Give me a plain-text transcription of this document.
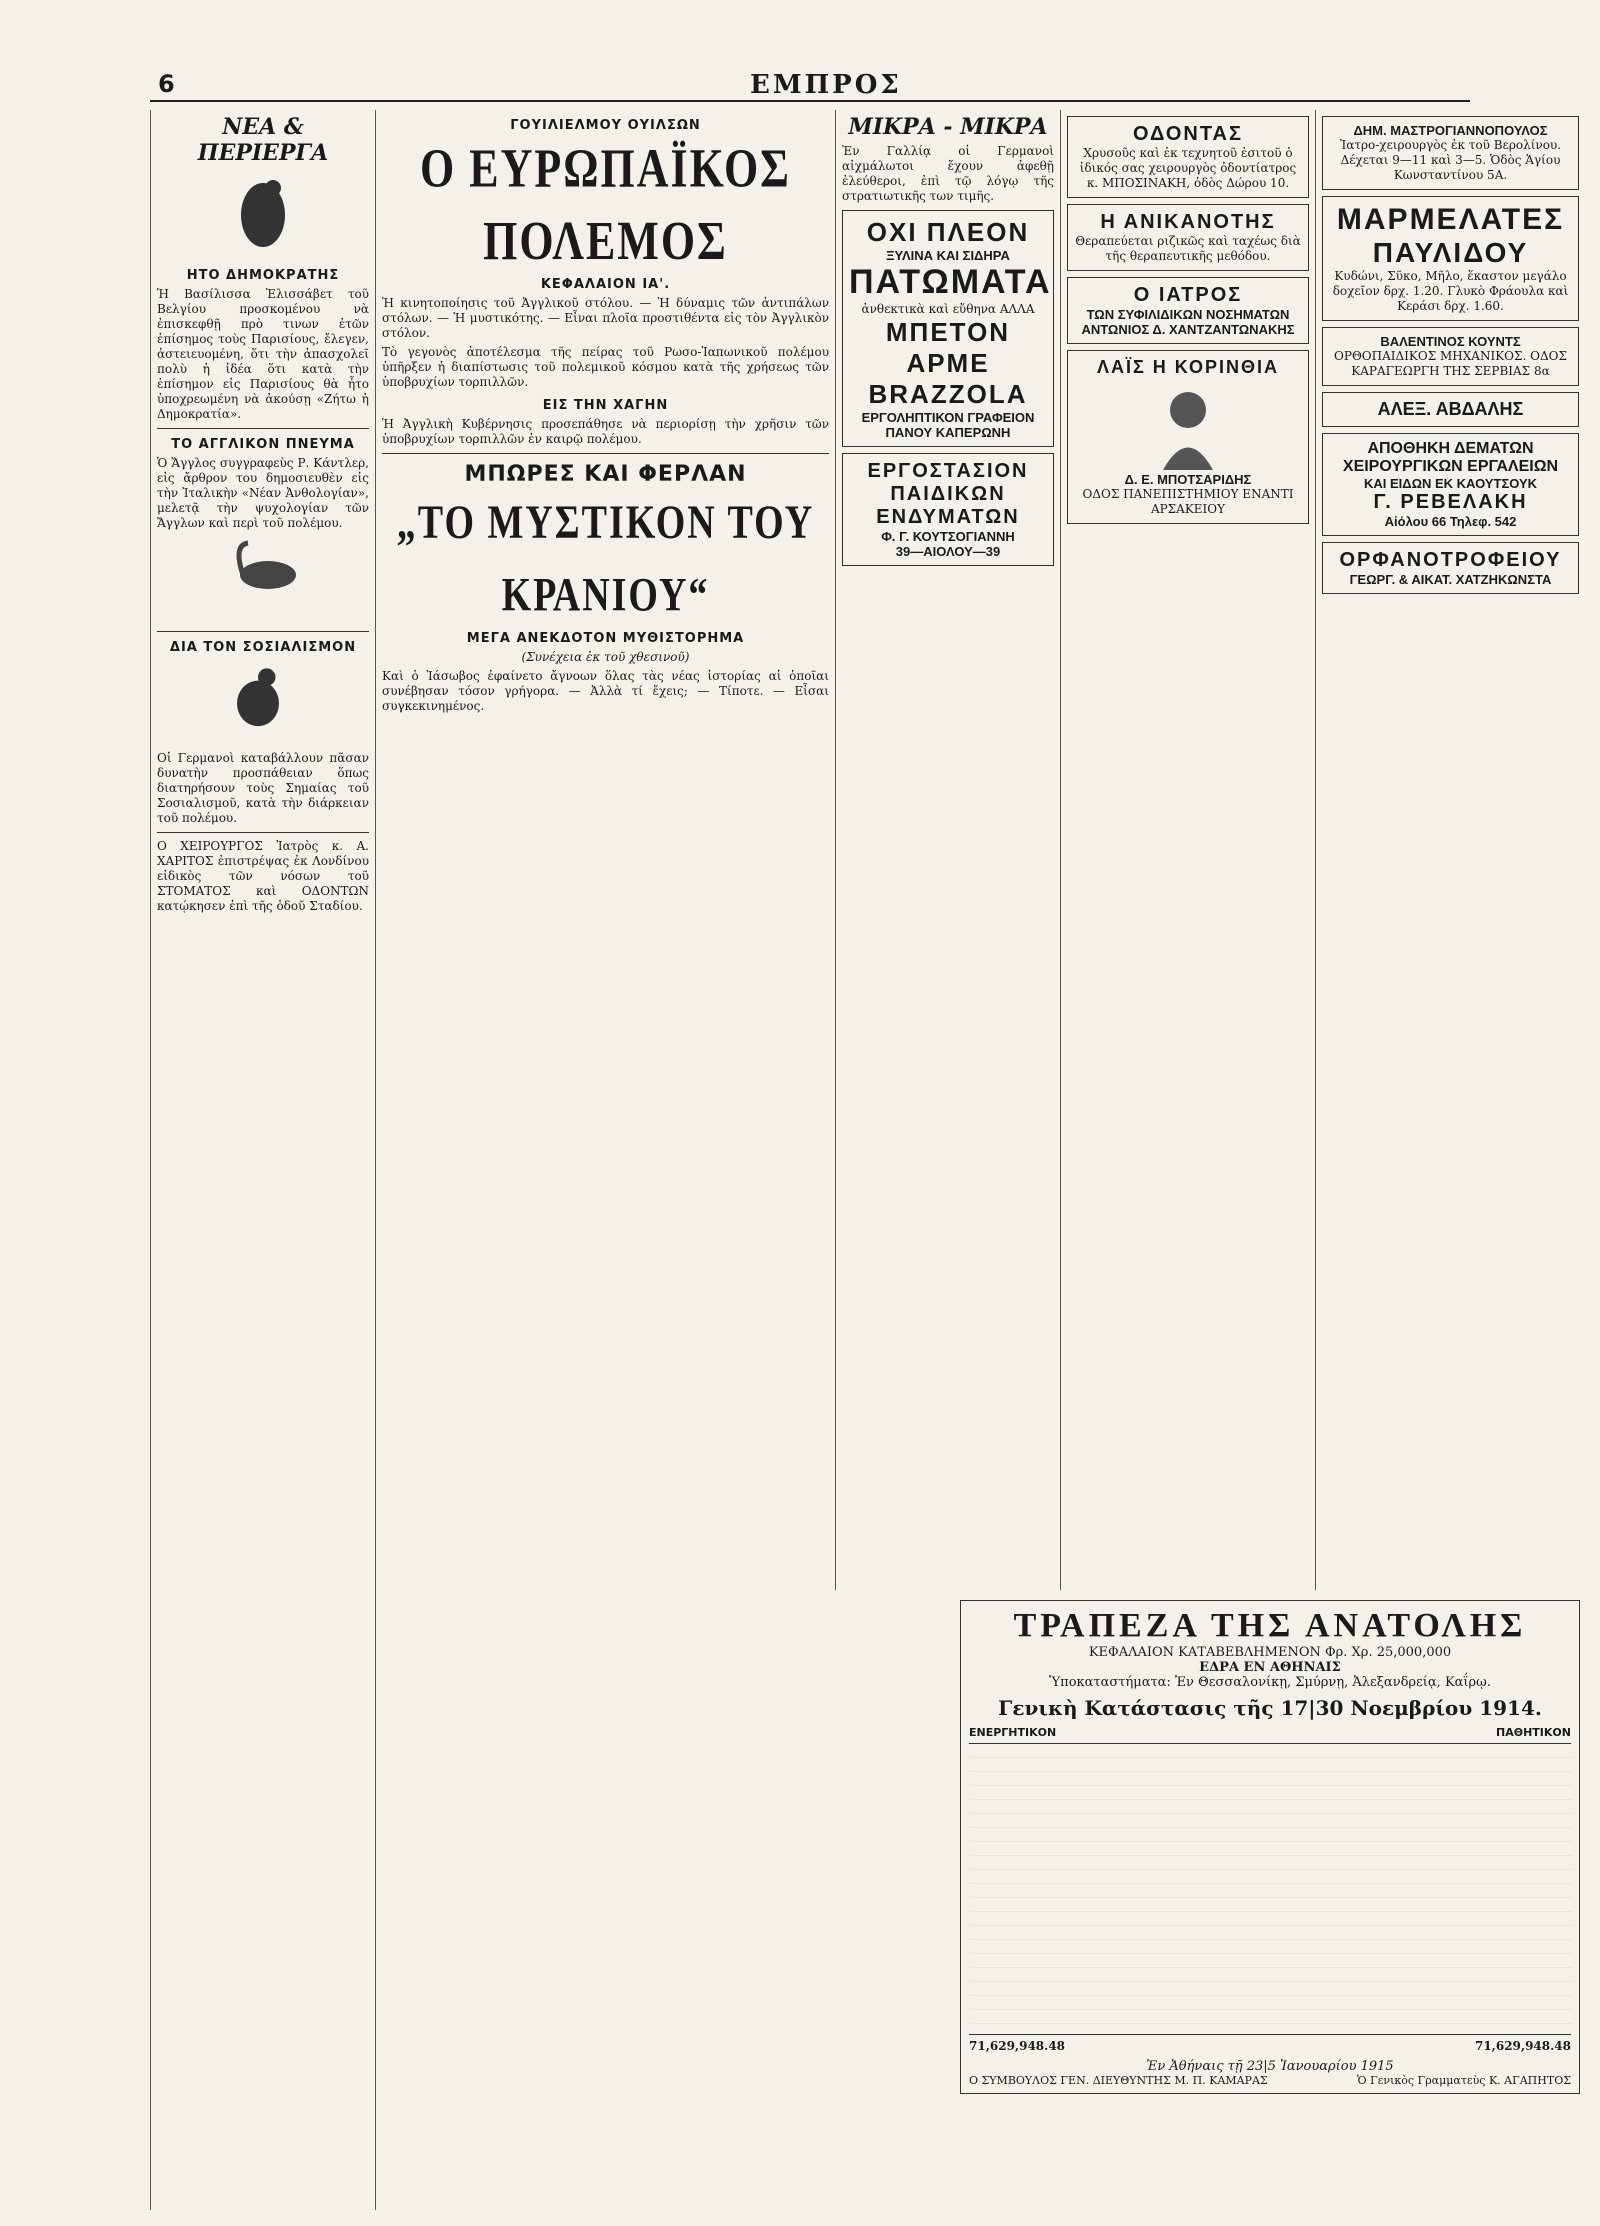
6	ΕΜΠΡΟΣ
ΝΕΑ & ΠΕΡΙΕΡΓΑ
ΗΤΟ ΔΗΜΟΚΡΑΤΗΣ

Ἡ Βασίλισσα Ἐλισσάβετ τοῦ Βελγίου προσκομένου νὰ ἐπισκεφθῇ πρὸ τινων ἐτῶν ἐπίσημος τοὺς Παρισίους, ἔλεγεν, ἀστειευομένη, ὅτι τὴν ἀπασχολεῖ πολὺ ἡ ἰδέα ὅτι κατὰ τὴν ἐπίσημον εἰς Παρισίους θὰ ἦτο ὑποχρεωμένη νὰ ἀκούσῃ «Ζήτω ἡ Δημοκρατία».

ΤΟ ΑΓΓΛΙΚΟΝ ΠΝΕΥΜΑ

Ὁ Ἄγγλος συγγραφεὺς Ρ. Κάντλερ, εἰς ἄρθρον του δημοσιευθὲν εἰς τὴν Ἰταλικὴν «Νέαν Ἀνθολογίαν», μελετᾷ τὴν ψυχολογίαν τῶν Ἄγγλων καὶ περὶ τοῦ πολέμου.

ΔΙΑ ΤΟΝ ΣΟΣΙΑΛΙΣΜΟΝ

Οἱ Γερμανοὶ καταβάλλουν πᾶσαν δυνατὴν προσπάθειαν ὅπως διατηρήσουν τοὺς Σημαίας τοῦ Σοσιαλισμοῦ, κατὰ τὴν διάρκειαν τοῦ πολέμου.

Ο ΧΕΙΡΟΥΡΓΟΣ Ἰατρὸς κ. Α. ΧΑΡΙΤΟΣ ἐπιστρέψας ἐκ Λονδίνου εἰδικὸς τῶν νόσων τοῦ ΣΤΟΜΑΤΟΣ καὶ ΟΔΟΝΤΩΝ κατῴκησεν ἐπὶ τῆς ὁδοῦ Σταδίου.

ΓΟΥΙΛΙΕΛΜΟΥ ΟΥΙΛΣΩΝ
Ο ΕΥΡΩΠΑΪΚΟΣ ΠΟΛΕΜΟΣ
ΚΕΦΑΛΑΙΟΝ ΙΑ'.

Ἡ κινητοποίησις τοῦ Ἀγγλικοῦ στόλου. — Ἡ δύναμις τῶν ἀντιπάλων στόλων. — Ἡ μυστικότης. — Εἶναι πλοῖα προστιθέντα εἰς τὸν Ἀγγλικὸν στόλον.

Τὸ γεγονὸς ἀποτέλεσμα τῆς πείρας τοῦ Ρωσο-Ἰαπωνικοῦ πολέμου ὑπῆρξεν ἡ διαπίστωσις τοῦ πολεμικοῦ κόσμου κατὰ τῆς χρήσεως τῶν ὑποβρυχίων τορπιλλῶν.

ΕΙΣ ΤΗΝ ΧΑΓΗΝ

Ἡ Ἀγγλικὴ Κυβέρνησις προσεπάθησε νὰ περιορίσῃ τὴν χρῆσιν τῶν ὑποβρυχίων τορπιλλῶν ἐν καιρῷ πολέμου.

ΜΠΩΡΕΣ ΚΑΙ ΦΕΡΛΑΝ
„ΤΟ ΜΥΣΤΙΚΟΝ ΤΟΥ ΚΡΑΝΙΟΥ“
ΜΕΓΑ ΑΝΕΚΔΟΤΟΝ ΜΥΘΙΣΤΟΡΗΜΑ

(Συνέχεια ἐκ τοῦ χθεσινοῦ)

Καὶ ὁ Ἰάσωβος ἐφαίνετο ἄγνοων ὅλας τὰς νέας ἱστορίας αἱ ὁποῖαι συνέβησαν τόσον γρήγορα. — Ἀλλὰ τί ἔχεις; — Τίποτε. — Εἶσαι συγκεκινημένος.

ΜΙΚΡΑ - ΜΙΚΡΑ

Ἐν Γαλλίᾳ οἱ Γερμανοὶ αἰχμάλωτοι ἔχουν ἀφεθῇ ἐλεύθεροι, ἐπὶ τῷ λόγῳ τῆς στρατιωτικῆς των τιμῆς.

ΟΧΙ ΠΛΕΟΝ
ΞΥΛΙΝΑ ΚΑΙ ΣΙΔΗΡΑ
ΠΑΤΩΜΑΤΑ
ἀνθεκτικὰ καὶ εὔθηνα ΑΛΛΑ
ΜΠΕΤΟΝ ΑΡΜΕ
BRAZZOLA
ΕΡΓΟΛΗΠΤΙΚΟΝ ΓΡΑΦΕΙΟΝ ΠΑΝΟΥ ΚΑΠΕΡΩΝΗ
ΕΡΓΟΣΤΑΣΙΟΝ ΠΑΙΔΙΚΩΝ ΕΝΔΥΜΑΤΩΝ
Φ. Γ. ΚΟΥΤΣΟΓΙΑΝΝΗ
39—ΑΙΟΛΟΥ—39
ΟΔΟΝΤΑΣ
Χρυσοῦς καὶ ἐκ τεχνητοῦ ἐσιτοῦ ὁ ἰδικός σας χειρουργὸς ὀδοντίατρος κ. ΜΠΟΣΙΝΑΚΗ, ὁδὸς Δώρου 10.
Η ΑΝΙΚΑΝΟΤΗΣ
Θεραπεύεται ριζικῶς καὶ ταχέως διὰ τῆς θεραπευτικῆς μεθόδου.
Ο ΙΑΤΡΟΣ
ΤΩΝ ΣΥΦΙΛΙΔΙΚΩΝ ΝΟΣΗΜΑΤΩΝ
ΑΝΤΩΝΙΟΣ Δ. ΧΑΝΤΖΑΝΤΩΝΑΚΗΣ
ΛΑΪΣ Η ΚΟΡΙΝΘΙΑ
Δ. Ε. ΜΠΟΤΣΑΡΙΔΗΣ
ΟΔΟΣ ΠΑΝΕΠΙΣΤΗΜΙΟΥ ΕΝΑΝΤΙ ΑΡΣΑΚΕΙΟΥ
ΔΗΜ. ΜΑΣΤΡΟΓΙΑΝΝΟΠΟΥΛΟΣ
Ἰατρο-χειρουργὸς ἐκ τοῦ Βερολίνου. Δέχεται 9—11 καὶ 3—5. Ὁδὸς Ἁγίου Κωνσταντίνου 5Α.
ΜΑΡΜΕΛΑΤΕΣ
ΠΑΥΛΙΔΟΥ
Κυδώνι, Σῦκο, Μῆλο, ἕκαστον μεγάλο δοχεῖον δρχ. 1.20. Γλυκὸ Φράουλα καὶ Κεράσι δρχ. 1.60.
ΒΑΛΕΝΤΙΝΟΣ ΚΟΥΝΤΣ
ΟΡΘΟΠΑΙΔΙΚΟΣ ΜΗΧΑΝΙΚΟΣ. ΟΔΟΣ ΚΑΡΑΓΕΩΡΓΗ ΤΗΣ ΣΕΡΒΙΑΣ 8α
ΑΛΕΞ. ΑΒΔΑΛΗΣ
ΑΠΟΘΗΚΗ ΔΕΜΑΤΩΝ ΧΕΙΡΟΥΡΓΙΚΩΝ ΕΡΓΑΛΕΙΩΝ
ΚΑΙ ΕΙΔΩΝ ΕΚ ΚΑΟΥΤΣΟΥΚ
Γ. ΡΕΒΕΛΑΚΗ
Αἰόλου 66 Τηλεφ. 542
ΟΡΦΑΝΟΤΡΟΦΕΙΟΥ
ΓΕΩΡΓ. & ΑΙΚΑΤ. ΧΑΤΖΗΚΩΝΣΤΑ
ΤΡΑΠΕΖΑ ΤΗΣ ΑΝΑΤΟΛΗΣ
ΚΕΦΑΛΑΙΟΝ ΚΑΤΑΒΕΒΛΗΜΕΝΟΝ Φρ. Χρ. 25,000,000
ΕΔΡΑ ΕΝ ΑΘΗΝΑΙΣ
Ὑποκαταστήματα: Ἐν Θεσσαλονίκῃ, Σμύρνῃ, Ἀλεξανδρείᾳ, Καΐρῳ.
Γενικὴ Κατάστασις τῆς 17|30 Νοεμβρίου 1914.
ΕΝΕΡΓΗΤΙΚΟΝ	ΠΑΘΗΤΙΚΟΝ
71,629,948.48	71,629,948.48
Ἐν Ἀθήναις τῇ 23|5 Ἰανουαρίου 1915
Ο ΣΥΜΒΟΥΛΟΣ ΓΕΝ. ΔΙΕΥΘΥΝΤΗΣ Μ. Π. ΚΑΜΑΡΑΣ	Ὁ Γενικὸς Γραμματεὺς Κ. ΑΓΑΠΗΤΟΣ
